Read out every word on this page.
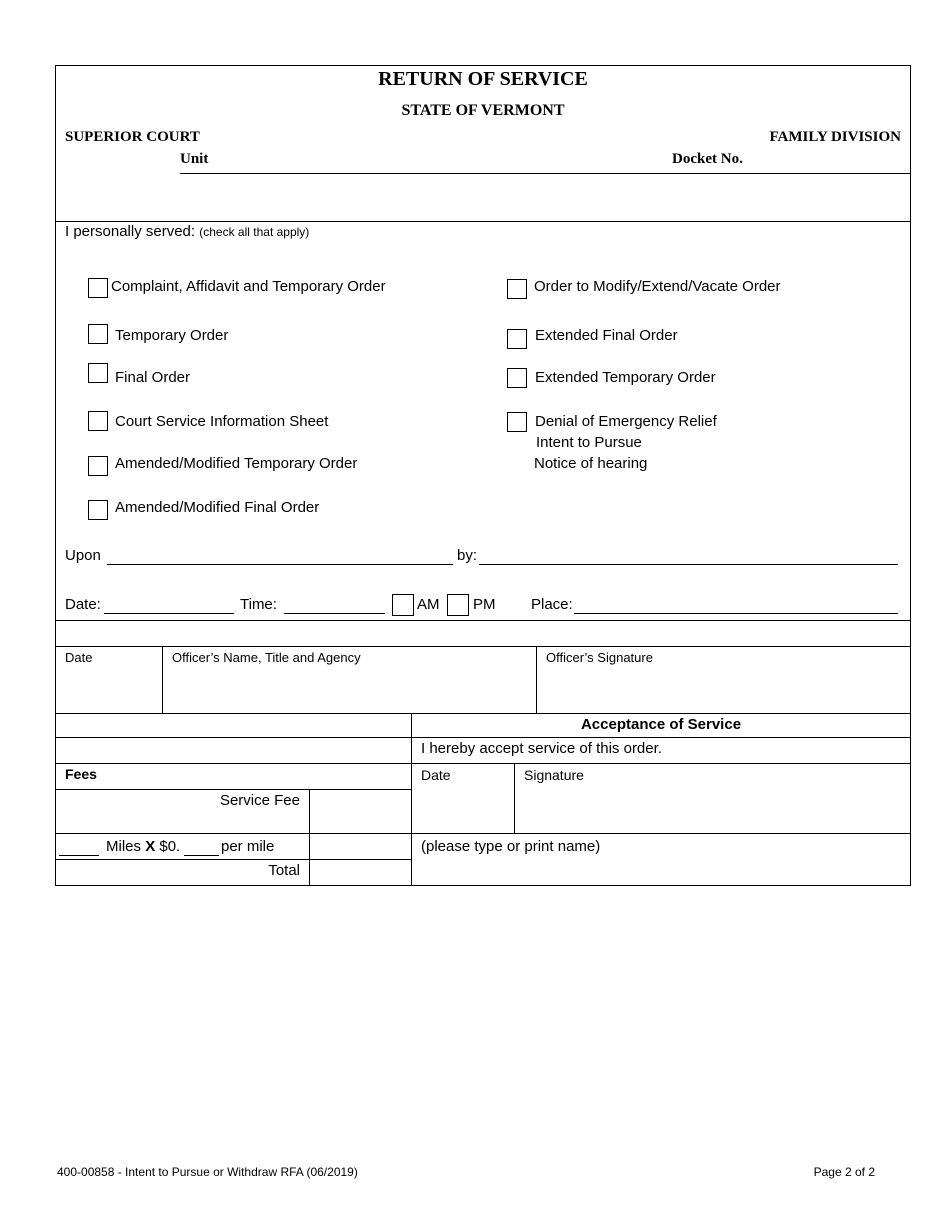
RETURN OF SERVICE
STATE OF VERMONT
SUPERIOR COURT	FAMILY DIVISION
Unit	Docket No.
I personally served: (check all that apply)
Complaint, Affidavit and Temporary Order
Temporary Order
Final Order
Court Service Information Sheet
Amended/Modified Temporary Order
Amended/Modified Final Order
Order to Modify/Extend/Vacate Order
Extended Final Order
Extended Temporary Order
Denial of Emergency Relief
Intent to Pursue
Notice of hearing
Upon	by:
Date:	Time:	AM PM Place:
Date	Officer’s Name, Title and Agency	Officer’s Signature
Acceptance of Service
I hereby accept service of this order.
Fees	Date	Signature
Service Fee
Miles X $0.	per mile	(please type or print name)
Total
400-00858 - Intent to Pursue or Withdraw RFA (06/2019)	Page 2 of 2
